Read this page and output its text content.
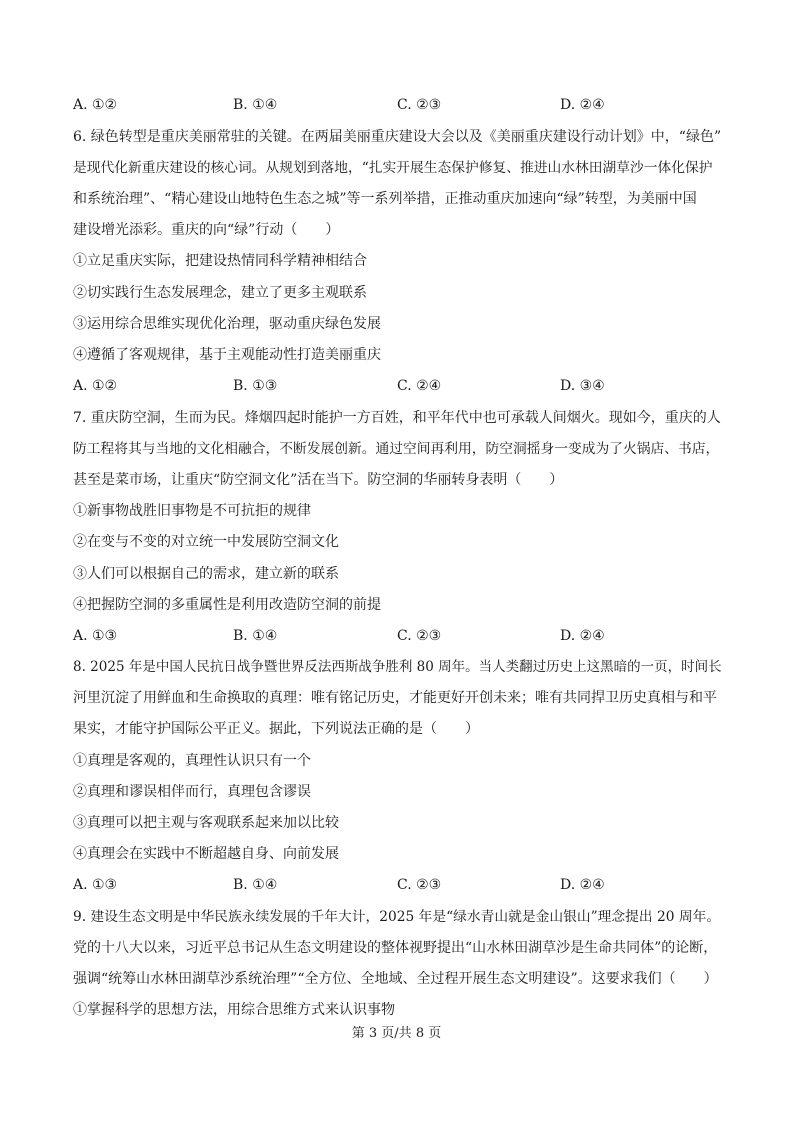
A. ①②	B. ①④	C. ②③	D. ②④
6. 绿色转型是重庆美丽常驻的关键。在两届美丽重庆建设大会以及《美丽重庆建设行动计划》中，“绿色”
是现代化新重庆建设的核心词。从规划到落地，“扎实开展生态保护修复、推进山水林田湖草沙一体化保护
和系统治理”、“精心建设山地特色生态之城”等一系列举措，正推动重庆加速向“绿”转型，为美丽中国
建设增光添彩。重庆的向“绿”行动（　　）
①立足重庆实际，把建设热情同科学精神相结合
②切实践行生态发展理念，建立了更多主观联系
③运用综合思维实现优化治理，驱动重庆绿色发展
④遵循了客观规律，基于主观能动性打造美丽重庆
A. ①②	B. ①③	C. ②④	D. ③④
7. 重庆防空洞，生而为民。烽烟四起时能护一方百姓，和平年代中也可承载人间烟火。现如今，重庆的人
防工程将其与当地的文化相融合，不断发展创新。通过空间再利用，防空洞摇身一变成为了火锅店、书店，
甚至是菜市场，让重庆“防空洞文化”活在当下。防空洞的华丽转身表明（　　）
①新事物战胜旧事物是不可抗拒的规律
②在变与不变的对立统一中发展防空洞文化
③人们可以根据自己的需求，建立新的联系
④把握防空洞的多重属性是利用改造防空洞的前提
A. ①③	B. ①④	C. ②③	D. ②④
8. 2025 年是中国人民抗日战争暨世界反法西斯战争胜利 80 周年。当人类翻过历史上这黑暗的一页，时间长
河里沉淀了用鲜血和生命换取的真理：唯有铭记历史，才能更好开创未来；唯有共同捍卫历史真相与和平
果实，才能守护国际公平正义。据此，下列说法正确的是（　　）
①真理是客观的，真理性认识只有一个
②真理和谬误相伴而行，真理包含谬误
③真理可以把主观与客观联系起来加以比较
④真理会在实践中不断超越自身、向前发展
A. ①③	B. ①④	C. ②③	D. ②④
9. 建设生态文明是中华民族永续发展的千年大计，2025 年是“绿水青山就是金山银山”理念提出 20 周年。
党的十八大以来，习近平总书记从生态文明建设的整体视野提出“山水林田湖草沙是生命共同体”的论断，
强调“统筹山水林田湖草沙系统治理”“全方位、全地域、全过程开展生态文明建设”。这要求我们（　　）
①掌握科学的思想方法，用综合思维方式来认识事物
第 3 页/共 8 页
